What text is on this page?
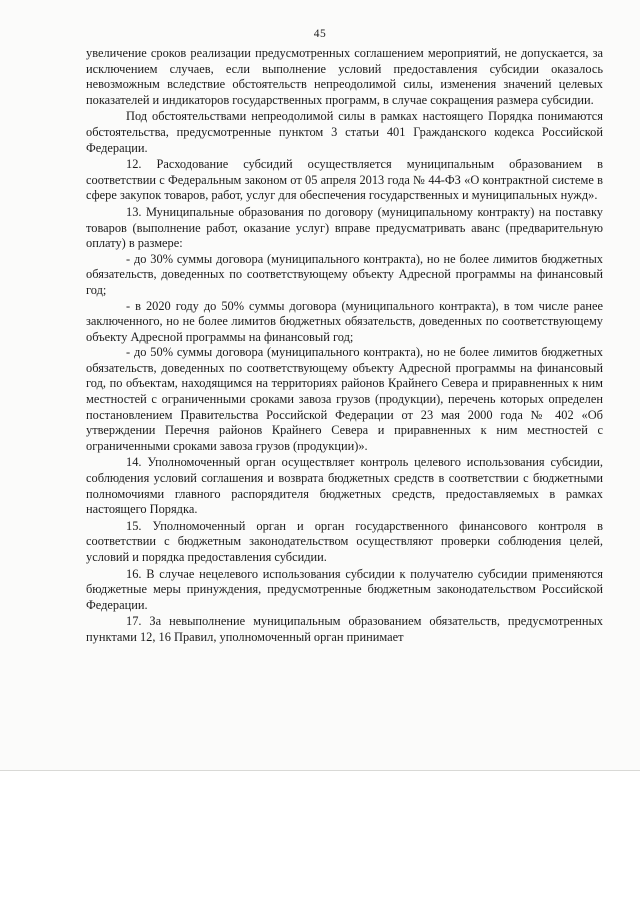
45

увеличение сроков реализации предусмотренных соглашением мероприятий, не допускается, за исключением случаев, если выполнение условий предоставления субсидии оказалось невозможным вследствие обстоятельств непреодолимой силы, изменения значений целевых показателей и индикаторов государственных программ, в случае сокращения размера субсидии.

Под обстоятельствами непреодолимой силы в рамках настоящего Порядка понимаются обстоятельства, предусмотренные пунктом 3 статьи 401 Гражданского кодекса Российской Федерации.

12. Расходование субсидий осуществляется муниципальным образованием в соответствии с Федеральным законом от 05 апреля 2013 года № 44-ФЗ «О контрактной системе в сфере закупок товаров, работ, услуг для обеспечения государственных и муниципальных нужд».

13. Муниципальные образования по договору (муниципальному контракту) на поставку товаров (выполнение работ, оказание услуг) вправе предусматривать аванс (предварительную оплату) в размере:

- до 30% суммы договора (муниципального контракта), но не более лимитов бюджетных обязательств, доведенных по соответствующему объекту Адресной программы на финансовый год;

- в 2020 году до 50% суммы договора (муниципального контракта), в том числе ранее заключенного, но не более лимитов бюджетных обязательств, доведенных по соответствующему объекту Адресной программы на финансовый год;

- до 50% суммы договора (муниципального контракта), но не более лимитов бюджетных обязательств, доведенных по соответствующему объекту Адресной программы на финансовый год, по объектам, находящимся на территориях районов Крайнего Севера и приравненных к ним местностей с ограниченными сроками завоза грузов (продукции), перечень которых определен постановлением Правительства Российской Федерации от 23 мая 2000 года № 402 «Об утверждении Перечня районов Крайнего Севера и приравненных к ним местностей с ограниченными сроками завоза грузов (продукции)».

14. Уполномоченный орган осуществляет контроль целевого использования субсидии, соблюдения условий соглашения и возврата бюджетных средств в соответствии с бюджетными полномочиями главного распорядителя бюджетных средств, предоставляемых в рамках настоящего Порядка.

15. Уполномоченный орган и орган государственного финансового контроля в соответствии с бюджетным законодательством осуществляют проверки соблюдения целей, условий и порядка предоставления субсидии.

16. В случае нецелевого использования субсидии к получателю субсидии применяются бюджетные меры принуждения, предусмотренные бюджетным законодательством Российской Федерации.

17. За невыполнение муниципальным образованием обязательств, предусмотренных пунктами 12, 16 Правил, уполномоченный орган принимает
